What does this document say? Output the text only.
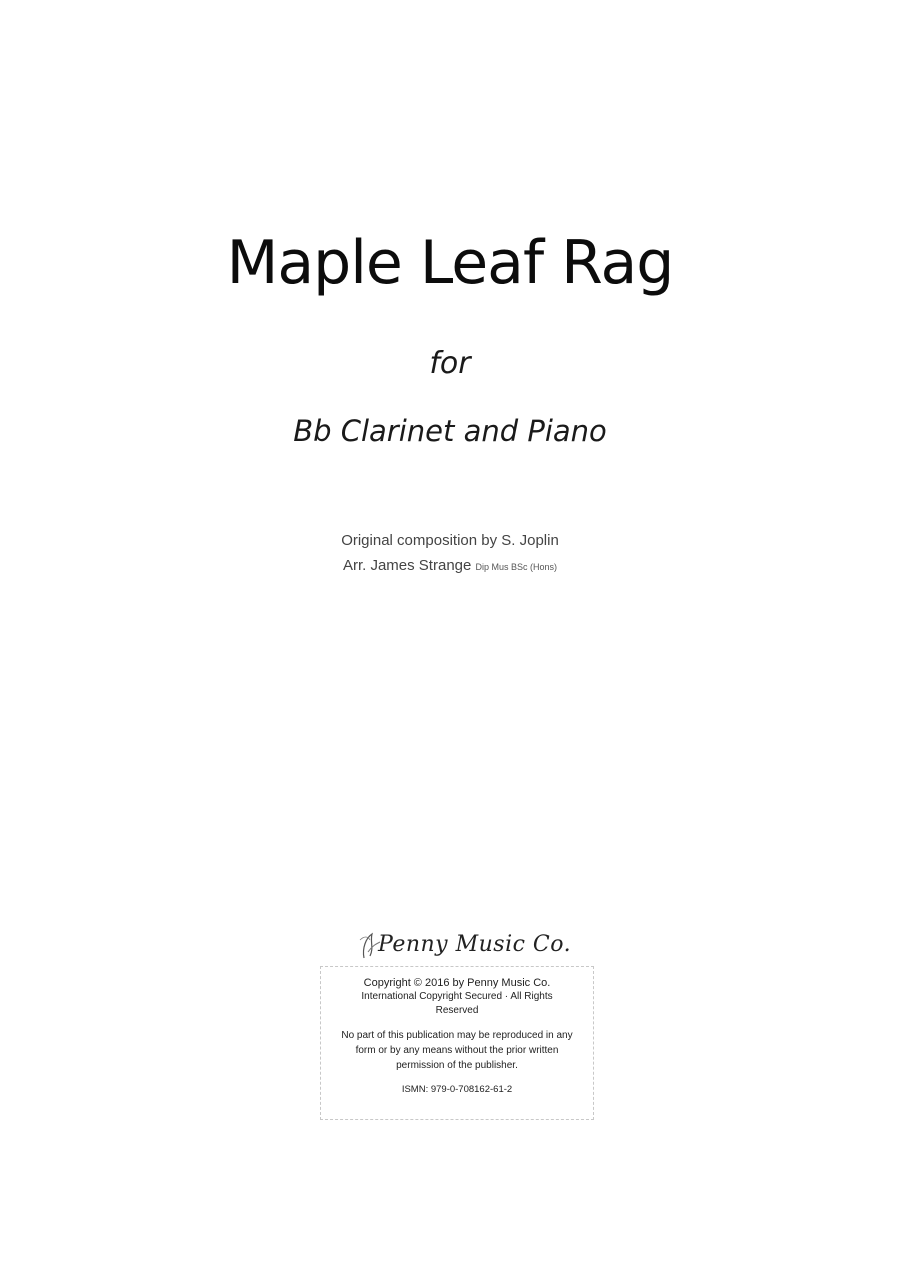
Maple Leaf Rag
for
Bb Clarinet and Piano
Original composition by S. Joplin
Arr. James Strange Dip Mus BSc (Hons)
Penny Music Co.
Copyright © 2016 by Penny Music Co.
International Copyright Secured · All Rights Reserved
No part of this publication may be reproduced in any form or by any means without the prior written permission of the publisher.
ISMN: 979-0-708162-61-2
